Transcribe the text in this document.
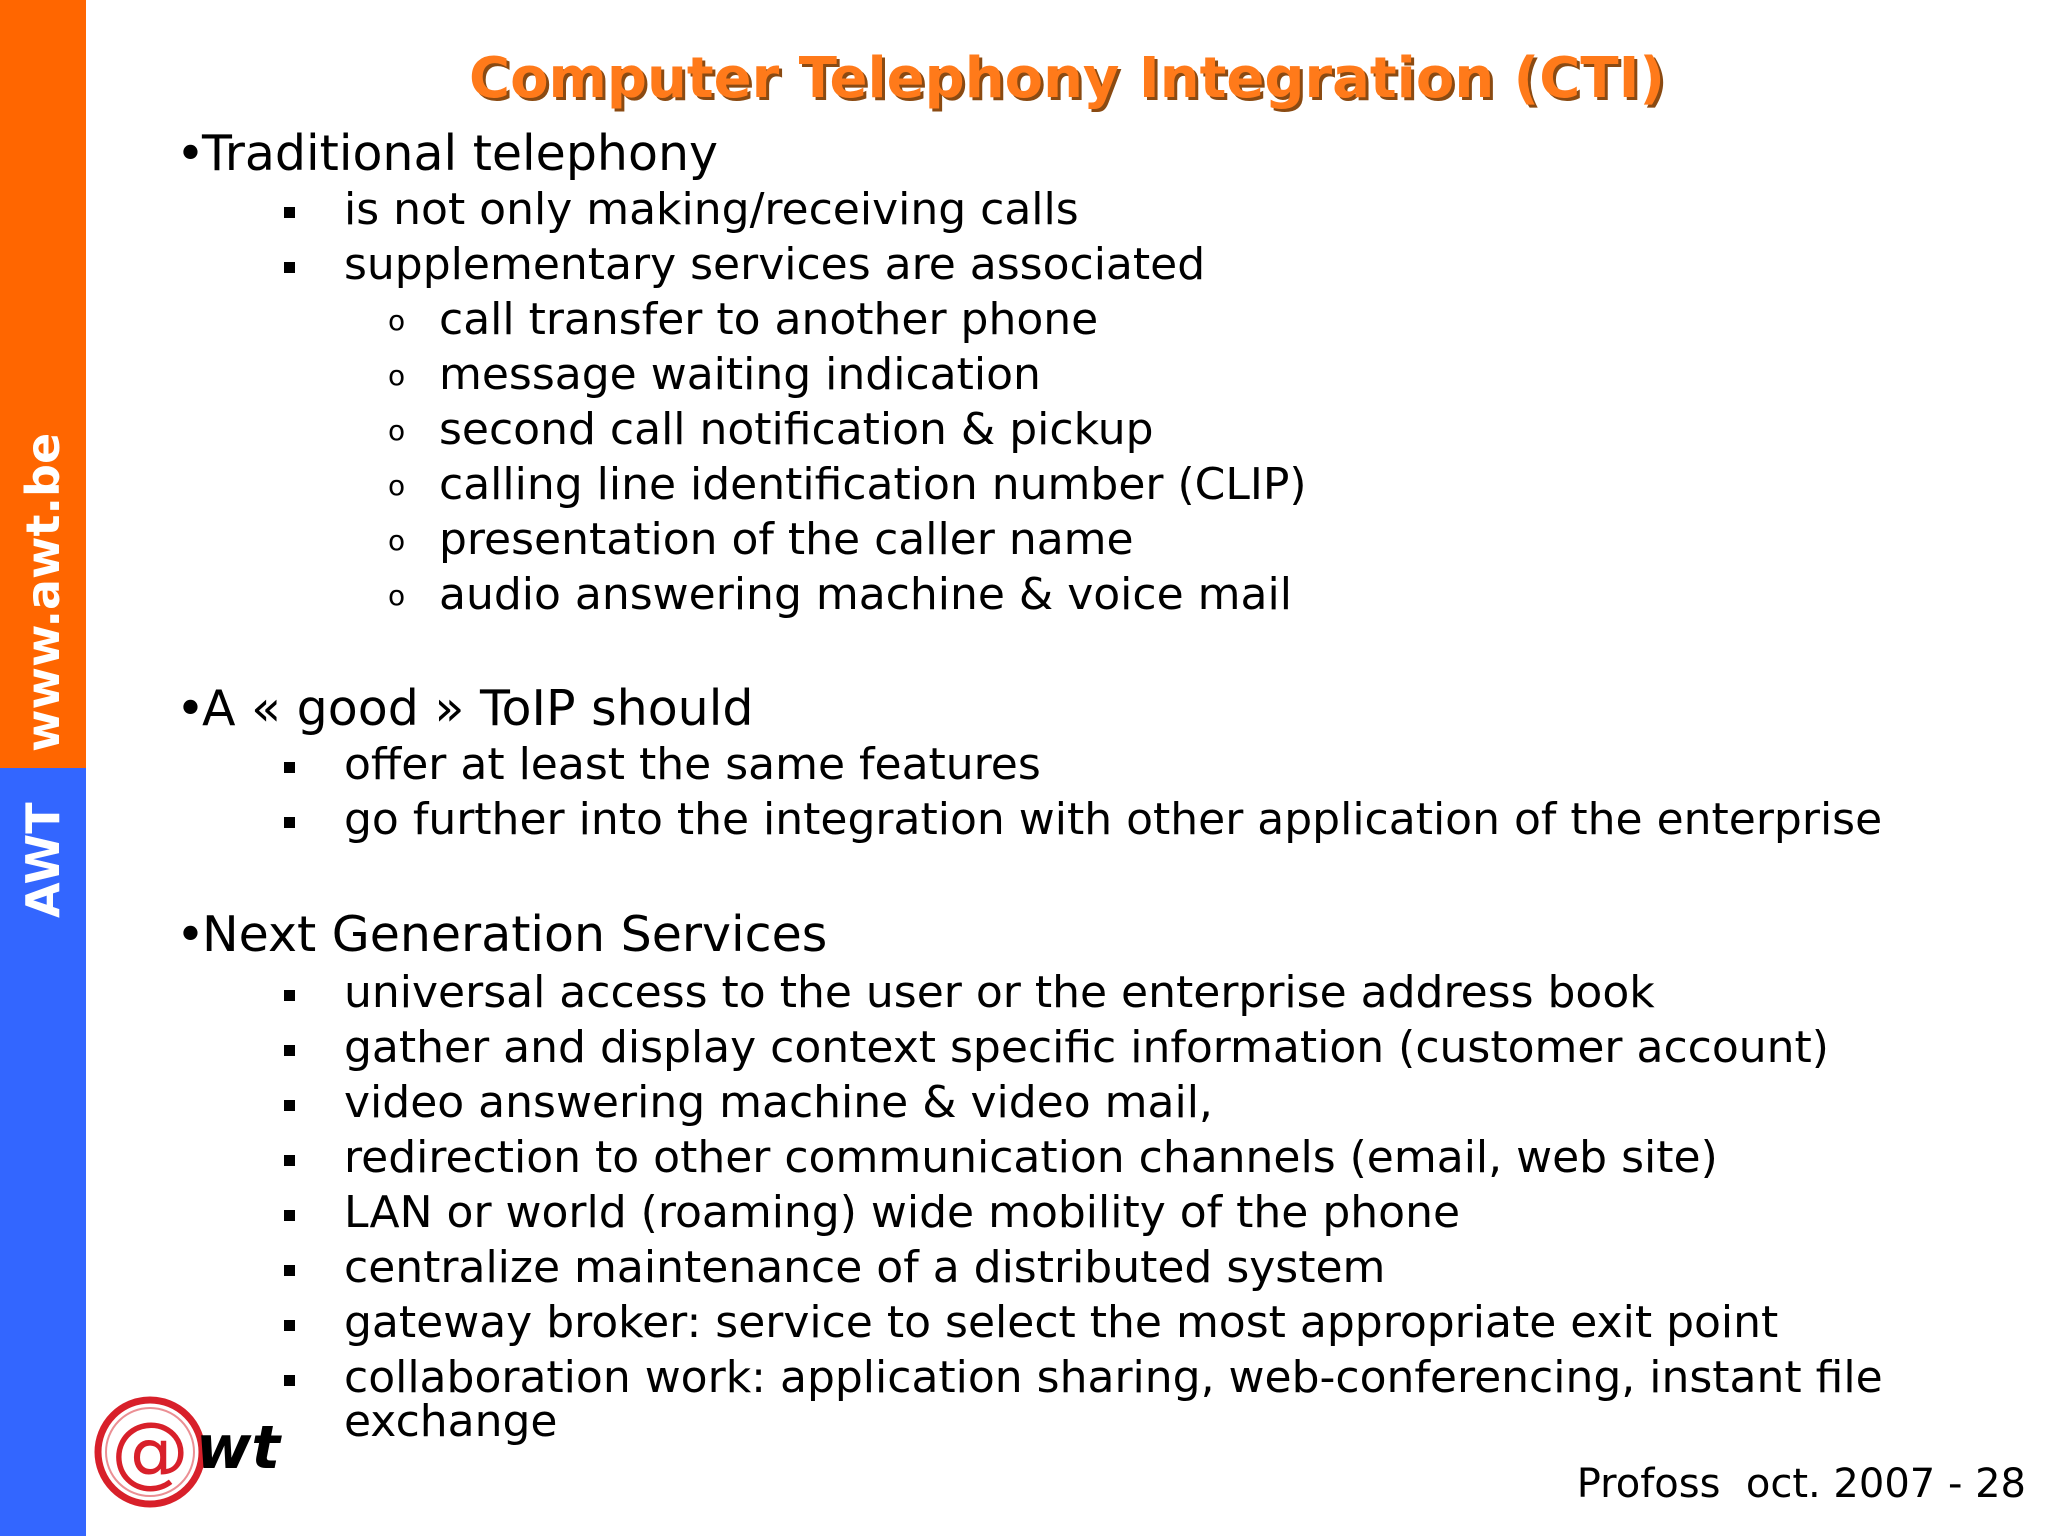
www.awt.be
AWT
Computer Telephony Integration (CTI)
•Traditional telephony
is not only making/receiving calls
supplementary services are associated
o call transfer to another phone
o message waiting indication
o second call notification & pickup
o calling line identification number (CLIP)
o presentation of the caller name
o audio answering machine & voice mail
•A « good » ToIP should
offer at least the same features
go further into the integration with other application of the enterprise
•Next Generation Services
universal access to the user or the enterprise address book
gather and display context specific information (customer account)
video answering machine & video mail,
redirection to other communication channels (email, web site)
LAN or world (roaming) wide mobility of the phone
centralize maintenance of a distributed system
gateway broker: service to select the most appropriate exit point
collaboration work: application sharing, web-conferencing, instant file
exchange
@ wt
Profoss  oct. 2007 - 28
